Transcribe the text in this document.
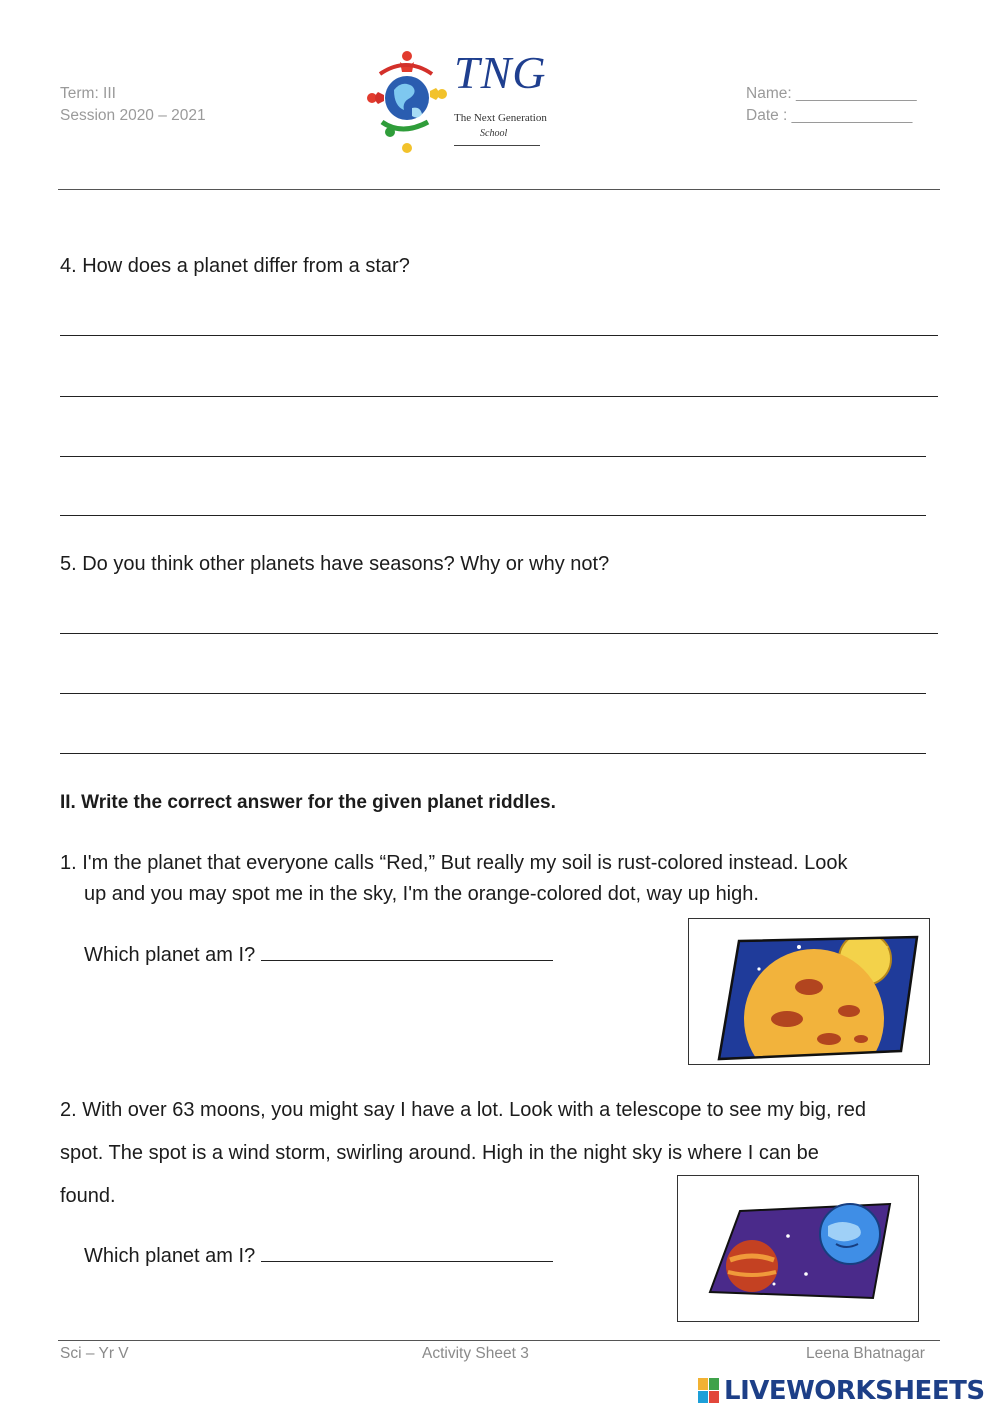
Term: III
Session 2020 – 2021
TNG
The Next Generation
School
Name: ______________
Date : ______________
4. How does a planet differ from a star?
5. Do you think other planets have seasons? Why or why not?
II. Write the correct answer for the given planet riddles.
1. I'm the planet that everyone calls “Red,” But really my soil is rust-colored instead. Look
up and you may spot me in the sky, I'm the orange-colored dot, way up high.
Which planet am I?
2. With over 63 moons, you might say I have a lot. Look with a telescope to see my big, red
spot. The spot is a wind storm, swirling around. High in the night sky is where I can be
found.
Which planet am I?
Sci – Yr V	Activity Sheet 3	Leena Bhatnagar
LIVEWORKSHEETS
